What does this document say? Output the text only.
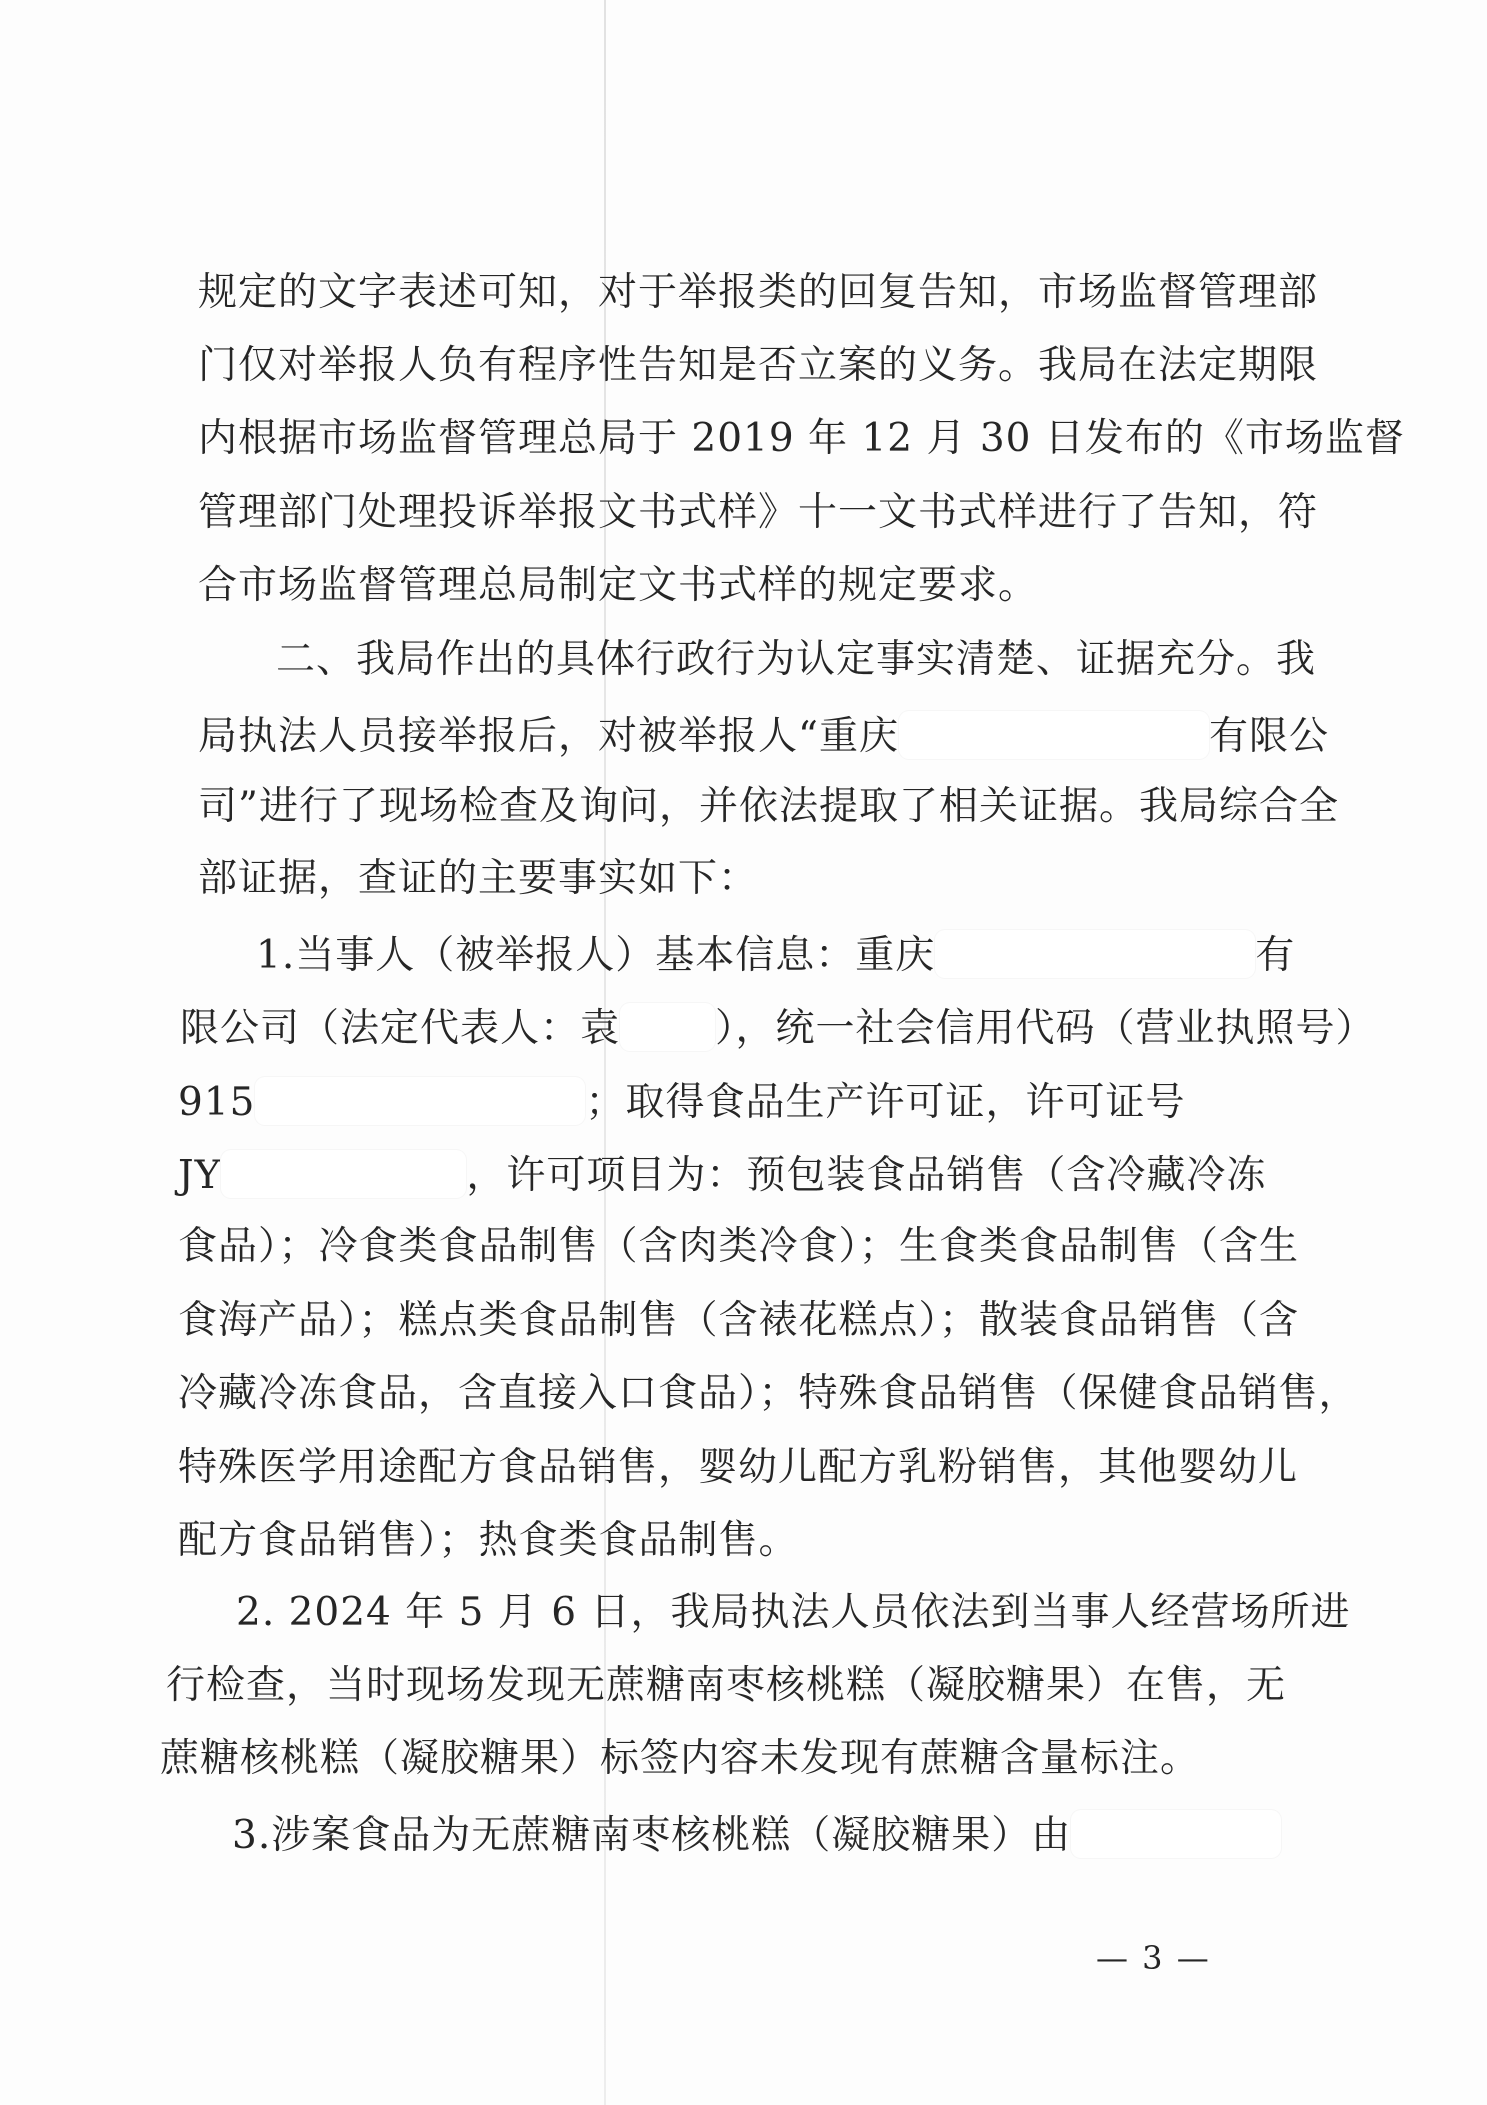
规定的文字表述可知，对于举报类的回复告知，市场监督管理部
门仅对举报人负有程序性告知是否立案的义务。我局在法定期限
内根据市场监督管理总局于 2019 年 12 月 30 日发布的《市场监督
管理部门处理投诉举报文书式样》十一文书式样进行了告知，符
合市场监督管理总局制定文书式样的规定要求。
二、我局作出的具体行政行为认定事实清楚、证据充分。我
局执法人员接举报后，对被举报人“重庆	有限公
司”进行了现场检查及询问，并依法提取了相关证据。我局综合全
部证据，查证的主要事实如下：
1.当事人（被举报人）基本信息：重庆	有
限公司（法定代表人：袁 ），统一社会信用代码（营业执照号）
915	；取得食品生产许可证，许可证号
JY	，许可项目为：预包装食品销售（含冷藏冷冻
食品）；冷食类食品制售（含肉类冷食）；生食类食品制售（含生
食海产品）；糕点类食品制售（含裱花糕点）；散装食品销售（含
冷藏冷冻食品，含直接入口食品）；特殊食品销售（保健食品销售，
特殊医学用途配方食品销售，婴幼儿配方乳粉销售，其他婴幼儿
配方食品销售）；热食类食品制售。
2. 2024 年 5 月 6 日，我局执法人员依法到当事人经营场所进
行检查，当时现场发现无蔗糖南枣核桃糕（凝胶糖果）在售，无
蔗糖核桃糕（凝胶糖果）标签内容未发现有蔗糖含量标注。
3.涉案食品为无蔗糖南枣核桃糕（凝胶糖果）由
— 3 —
